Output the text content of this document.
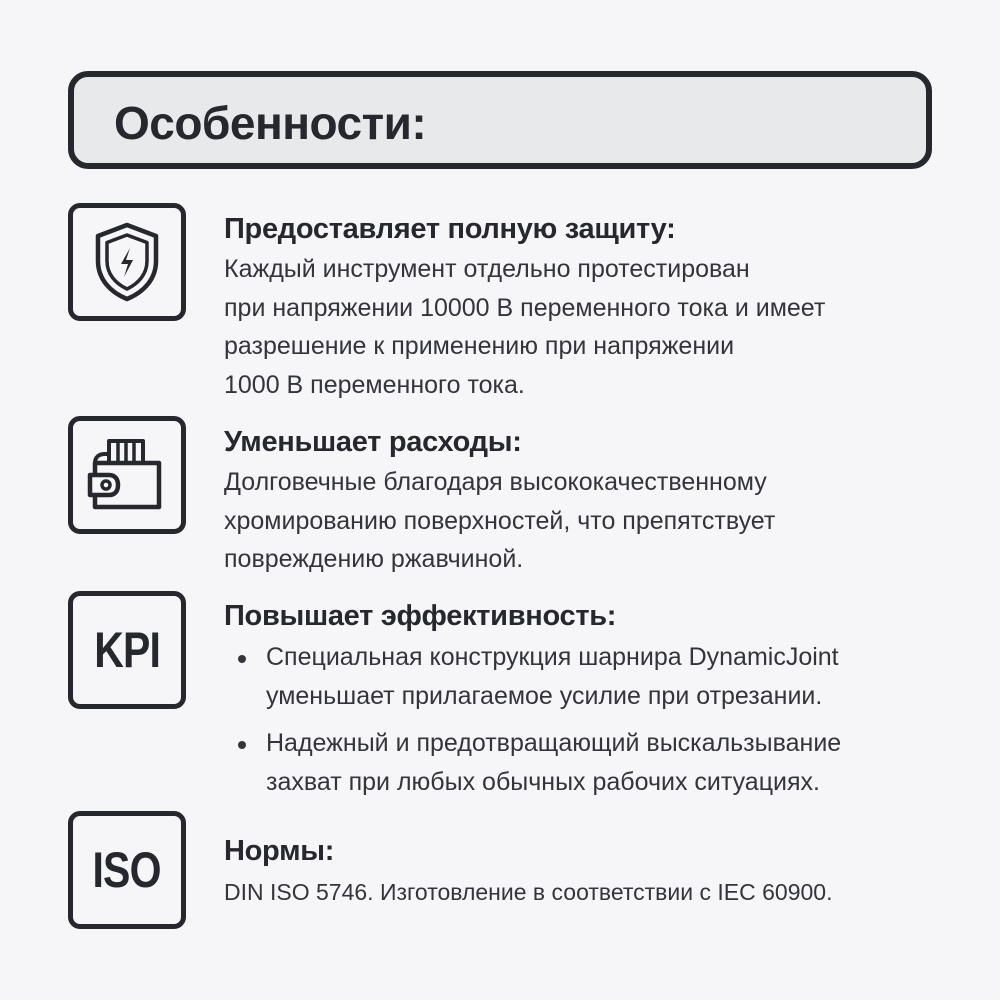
Особенности:
Предоставляет полную защиту:
Каждый инструмент отдельно протестирован
при напряжении 10000 В переменного тока и имеет
разрешение к применению при напряжении
1000 В переменного тока.
Уменьшает расходы:
Долговечные благодаря высококачественному
хромированию поверхностей, что препятствует
повреждению ржавчиной.
KPI
Повышает эффективность:
Специальная конструкция шарнира DynamicJoint
уменьшает прилагаемое усилие при отрезании.
Надежный и предотвращающий выскальзывание
захват при любых обычных рабочих ситуациях.
ISO Нормы:
DIN ISO 5746. Изготовление в соответствии с IEC 60900.
